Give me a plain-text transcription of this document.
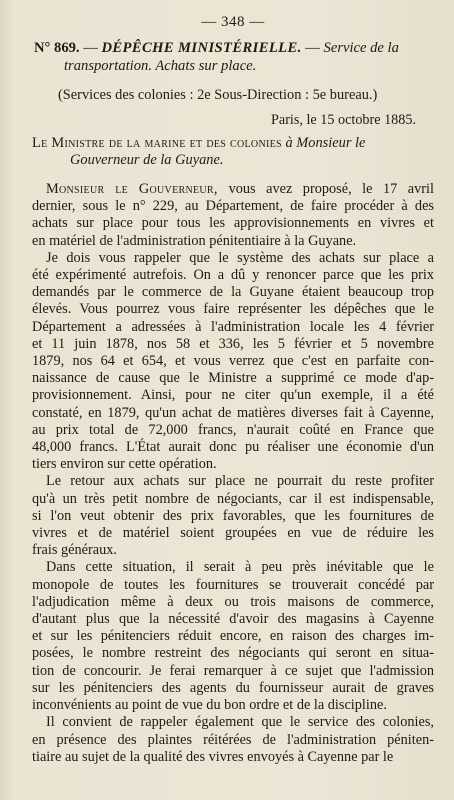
— 348 —
N° 869. — DÉPÊCHE MINISTÉRIELLE. — Service de la
transportation. Achats sur place.
(Services des colonies : 2e Sous-Direction : 5e bureau.)
Paris, le 15 octobre 1885.
Le Ministre de la marine et des colonies à Monsieur le
Gouverneur de la Guyane.
Monsieur le Gouverneur, vous avez proposé, le 17 avril
dernier, sous le n° 229, au Département, de faire procéder à des
achats sur place pour tous les approvisionnements en vivres et
en matériel de l'administration pénitentiaire à la Guyane.
Je dois vous rappeler que le système des achats sur place a
été expérimenté autrefois. On a dû y renoncer parce que les prix
demandés par le commerce de la Guyane étaient beaucoup trop
élevés. Vous pourrez vous faire représenter les dépêches que le
Département a adressées à l'administration locale les 4 février
et 11 juin 1878, nos 58 et 336, les 5 février et 5 novembre
1879, nos 64 et 654, et vous verrez que c'est en parfaite con-
naissance de cause que le Ministre a supprimé ce mode d'ap-
provisionnement. Ainsi, pour ne citer qu'un exemple, il a été
constaté, en 1879, qu'un achat de matières diverses fait à Cayenne,
au prix total de 72,000 francs, n'aurait coûté en France que
48,000 francs. L'État aurait donc pu réaliser une économie d'un
tiers environ sur cette opération.
Le retour aux achats sur place ne pourrait du reste profiter
qu'à un très petit nombre de négociants, car il est indispensable,
si l'on veut obtenir des prix favorables, que les fournitures de
vivres et de matériel soient groupées en vue de réduire les
frais généraux.
Dans cette situation, il serait à peu près inévitable que le
monopole de toutes les fournitures se trouverait concédé par
l'adjudication même à deux ou trois maisons de commerce,
d'autant plus que la nécessité d'avoir des magasins à Cayenne
et sur les pénitenciers réduit encore, en raison des charges im-
posées, le nombre restreint des négociants qui seront en situa-
tion de concourir. Je ferai remarquer à ce sujet que l'admission
sur les pénitenciers des agents du fournisseur aurait de graves
inconvénients au point de vue du bon ordre et de la discipline.
Il convient de rappeler également que le service des colonies,
en présence des plaintes réitérées de l'administration péniten-
tiaire au sujet de la qualité des vivres envoyés à Cayenne par le
